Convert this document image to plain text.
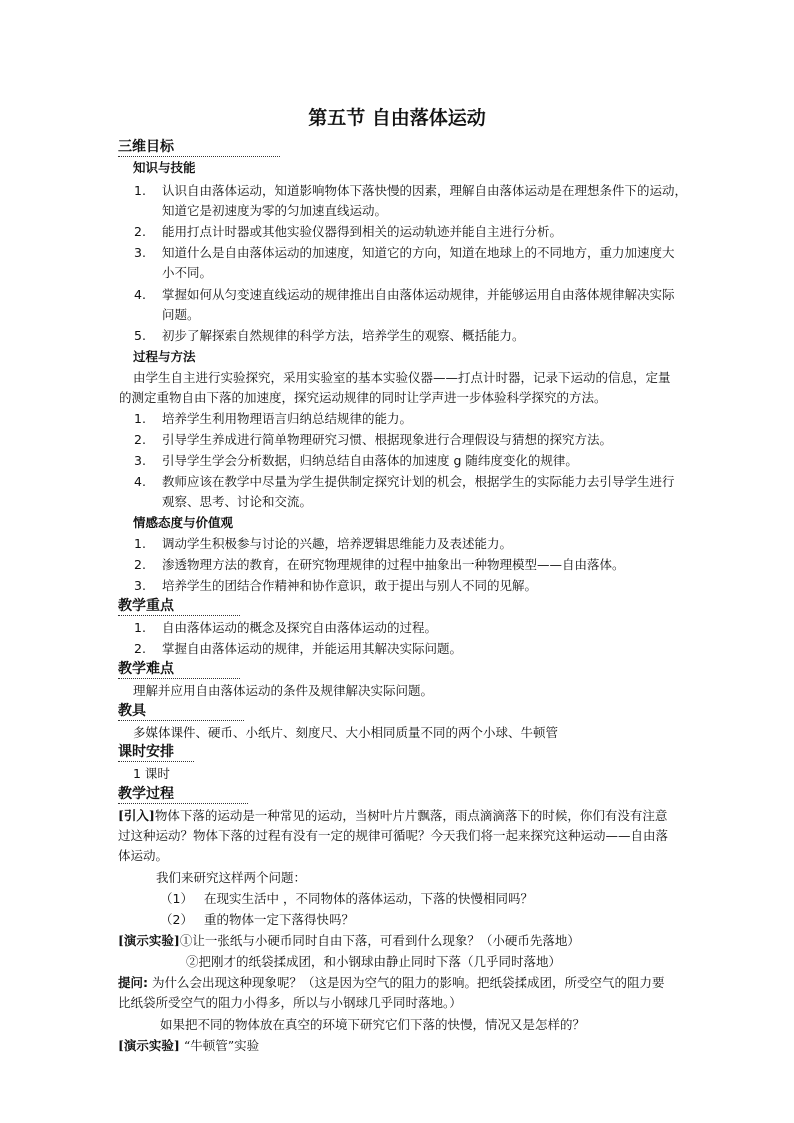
第五节 自由落体运动
三维目标
知识与技能
1. 认识自由落体运动，知道影响物体下落快慢的因素，理解自由落体运动是在理想条件下的运动，
知道它是初速度为零的匀加速直线运动。
2. 能用打点计时器或其他实验仪器得到相关的运动轨迹并能自主进行分析。
3. 知道什么是自由落体运动的加速度，知道它的方向，知道在地球上的不同地方，重力加速度大
小不同。
4. 掌握如何从匀变速直线运动的规律推出自由落体运动规律，并能够运用自由落体规律解决实际
问题。
5. 初步了解探索自然规律的科学方法，培养学生的观察、概括能力。
过程与方法
由学生自主进行实验探究，采用实验室的基本实验仪器——打点计时器，记录下运动的信息，定量
的测定重物自由下落的加速度，探究运动规律的同时让学声进一步体验科学探究的方法。
1. 培养学生利用物理语言归纳总结规律的能力。
2. 引导学生养成进行简单物理研究习惯、根据现象进行合理假设与猜想的探究方法。
3. 引导学生学会分析数据，归纳总结自由落体的加速度 g 随纬度变化的规律。
4. 教师应该在教学中尽量为学生提供制定探究计划的机会，根据学生的实际能力去引导学生进行
观察、思考、讨论和交流。
情感态度与价值观
1. 调动学生积极参与讨论的兴趣，培养逻辑思维能力及表述能力。
2. 渗透物理方法的教育，在研究物理规律的过程中抽象出一种物理模型——自由落体。
3. 培养学生的团结合作精神和协作意识，敢于提出与别人不同的见解。
教学重点
1. 自由落体运动的概念及探究自由落体运动的过程。
2. 掌握自由落体运动的规律，并能运用其解决实际问题。
教学难点
理解并应用自由落体运动的条件及规律解决实际问题。
教具
多媒体课件、硬币、小纸片、刻度尺、大小相同质量不同的两个小球、牛顿管
课时安排
1 课时
教学过程
[引入]物体下落的运动是一种常见的运动，当树叶片片飘落，雨点滴滴落下的时候，你们有没有注意
过这种运动？物体下落的过程有没有一定的规律可循呢？今天我们将一起来探究这种运动——自由落
体运动。
我们来研究这样两个问题：
（1） 在现实生活中 ，不同物体的落体运动，下落的快慢相同吗？
（2） 重的物体一定下落得快吗？
[演示实验]①让一张纸与小硬币同时自由下落，可看到什么现象？（小硬币先落地）
②把刚才的纸袋揉成团，和小钢球由静止同时下落（几乎同时落地）
提问: 为什么会出现这种现象呢？（这是因为空气的阻力的影响。把纸袋揉成团，所受空气的阻力要
比纸袋所受空气的阻力小得多，所以与小钢球几乎同时落地。）
如果把不同的物体放在真空的环境下研究它们下落的快慢，情况又是怎样的？
[演示实验] “牛顿管”实验
